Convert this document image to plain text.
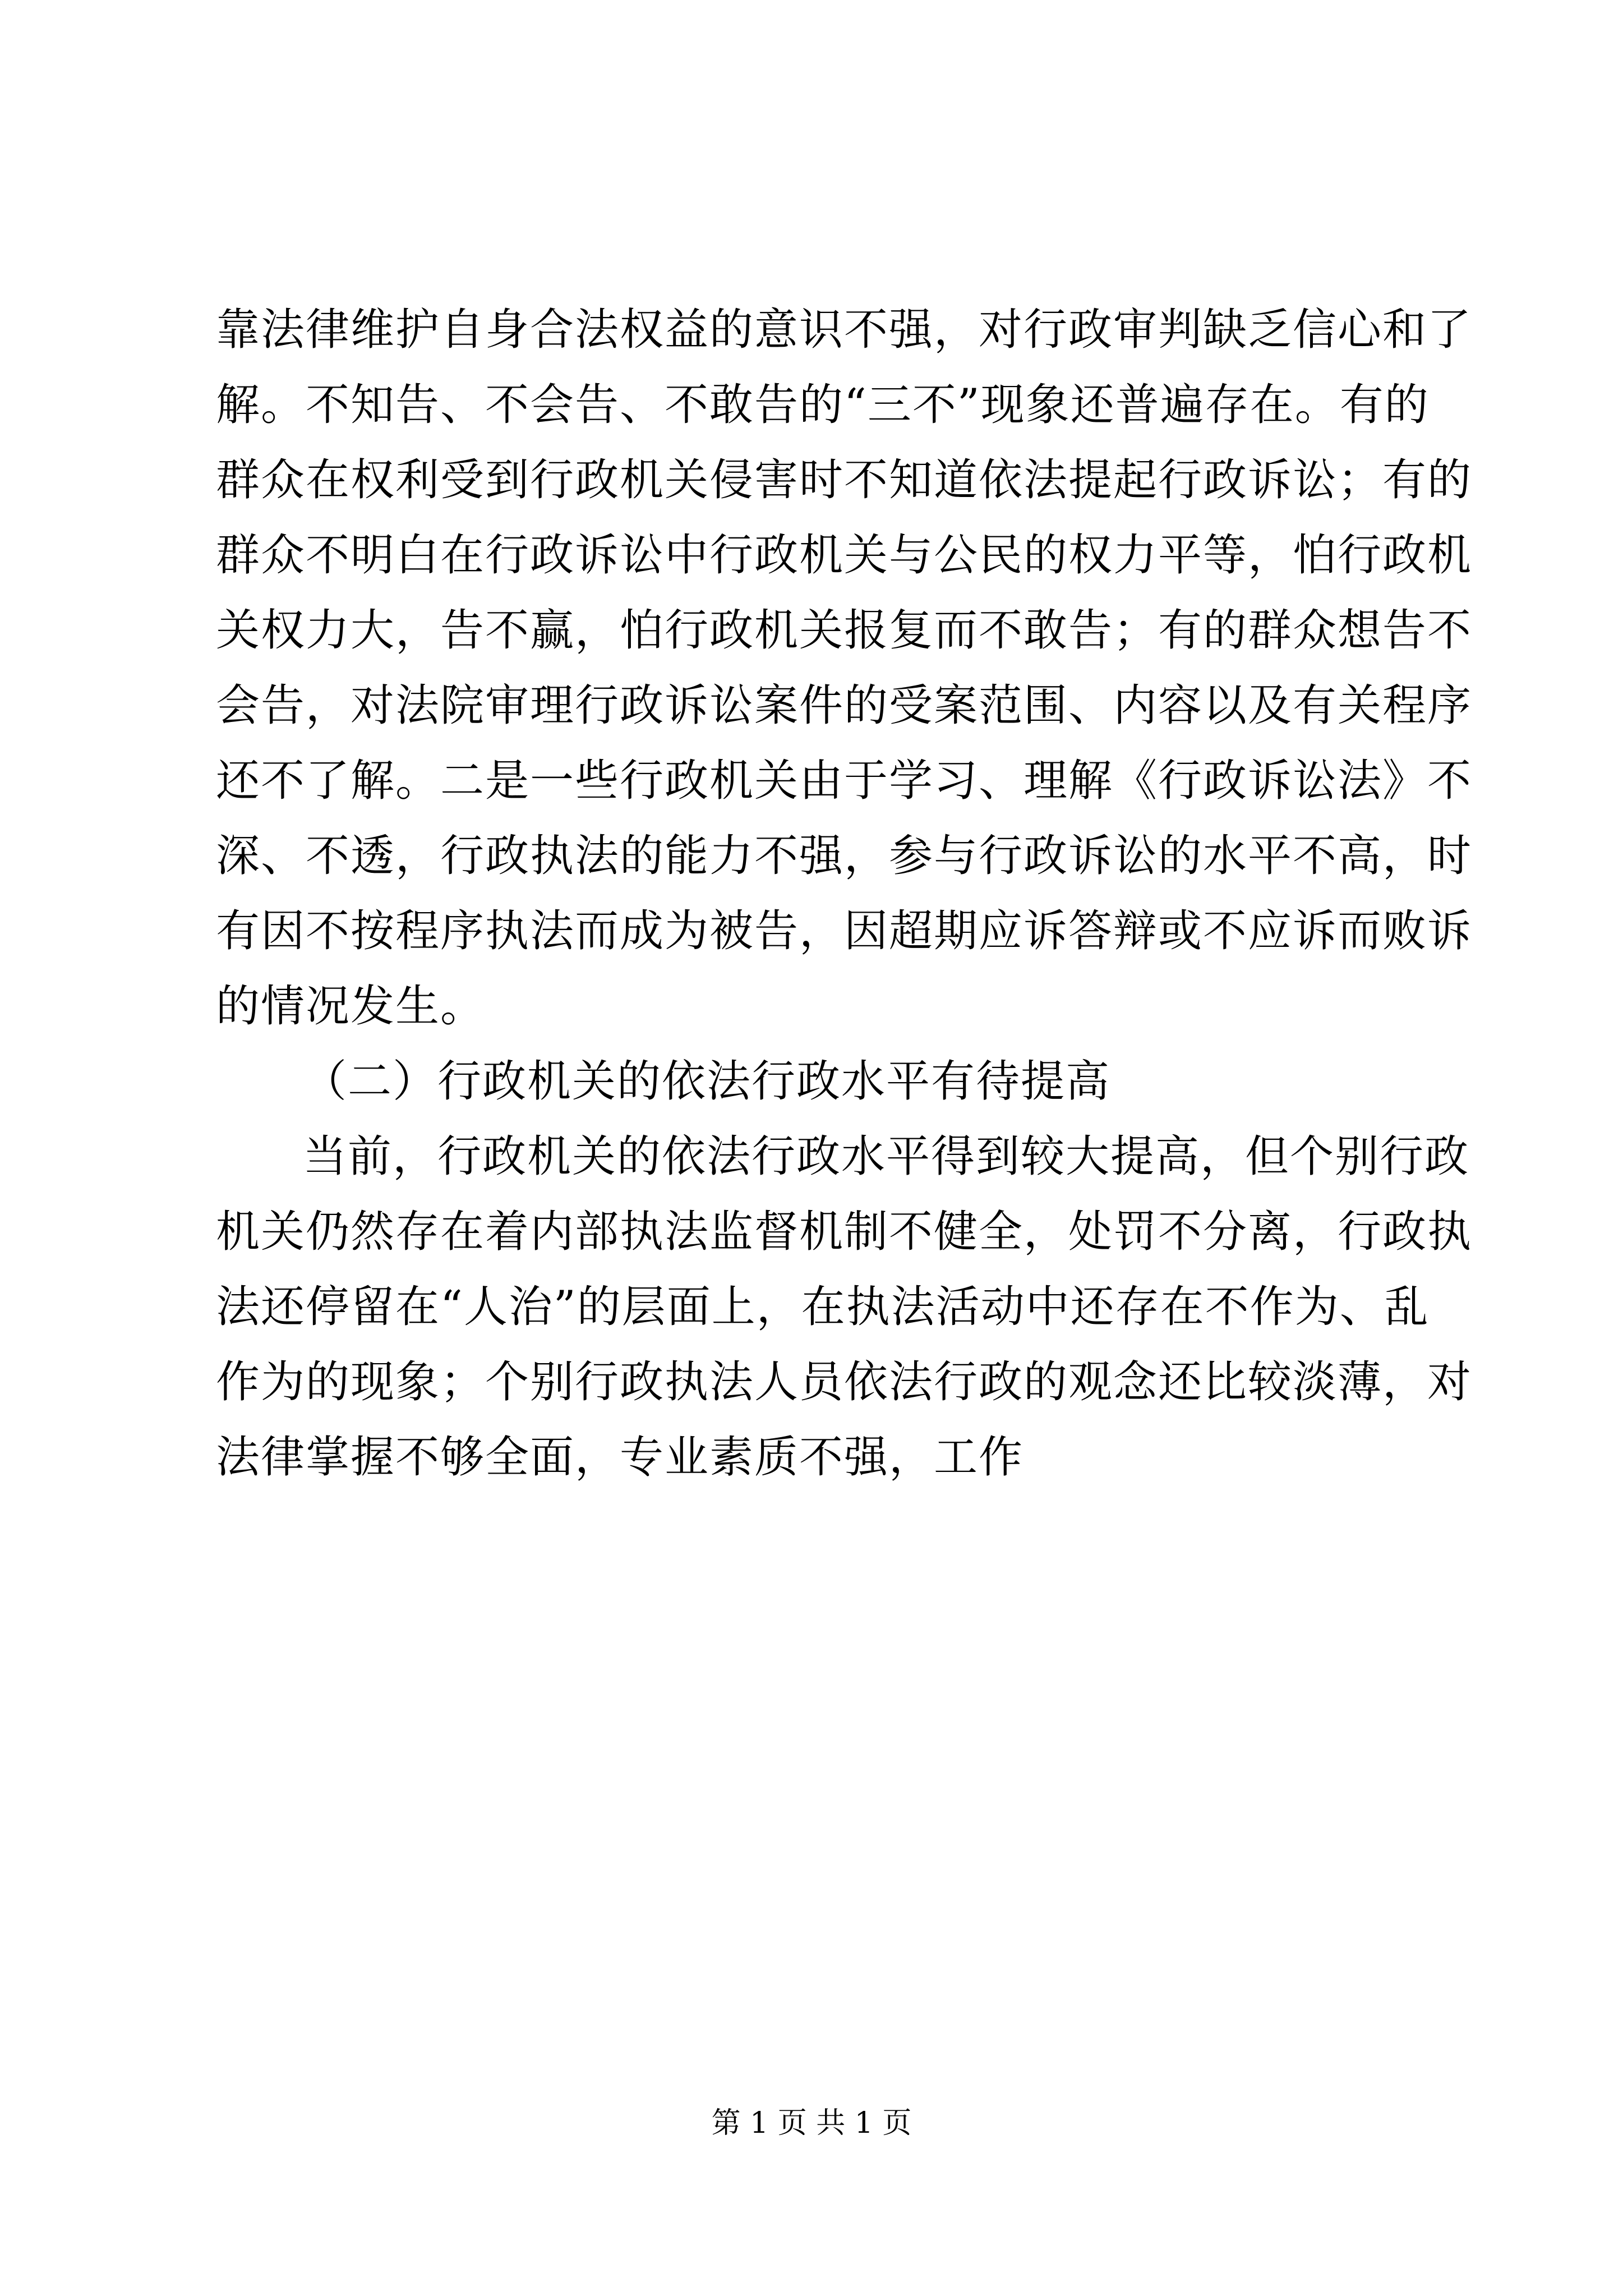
靠法律维护自身合法权益的意识不强，对行政审判缺乏信心和了
解。不知告、不会告、不敢告的“三不”现象还普遍存在。有的
群众在权利受到行政机关侵害时不知道依法提起行政诉讼；有的
群众不明白在行政诉讼中行政机关与公民的权力平等，怕行政机
关权力大，告不赢，怕行政机关报复而不敢告；有的群众想告不
会告，对法院审理行政诉讼案件的受案范围、内容以及有关程序
还不了解。二是一些行政机关由于学习、理解《行政诉讼法》不
深、不透，行政执法的能力不强，参与行政诉讼的水平不高，时
有因不按程序执法而成为被告，因超期应诉答辩或不应诉而败诉
的情况发生。
（二）行政机关的依法行政水平有待提高
当前，行政机关的依法行政水平得到较大提高，但个别行政
机关仍然存在着内部执法监督机制不健全，处罚不分离，行政执
法还停留在“人治”的层面上，在执法活动中还存在不作为、乱
作为的现象；个别行政执法人员依法行政的观念还比较淡薄，对
法律掌握不够全面，专业素质不强，工作
第 1 页 共 1 页
